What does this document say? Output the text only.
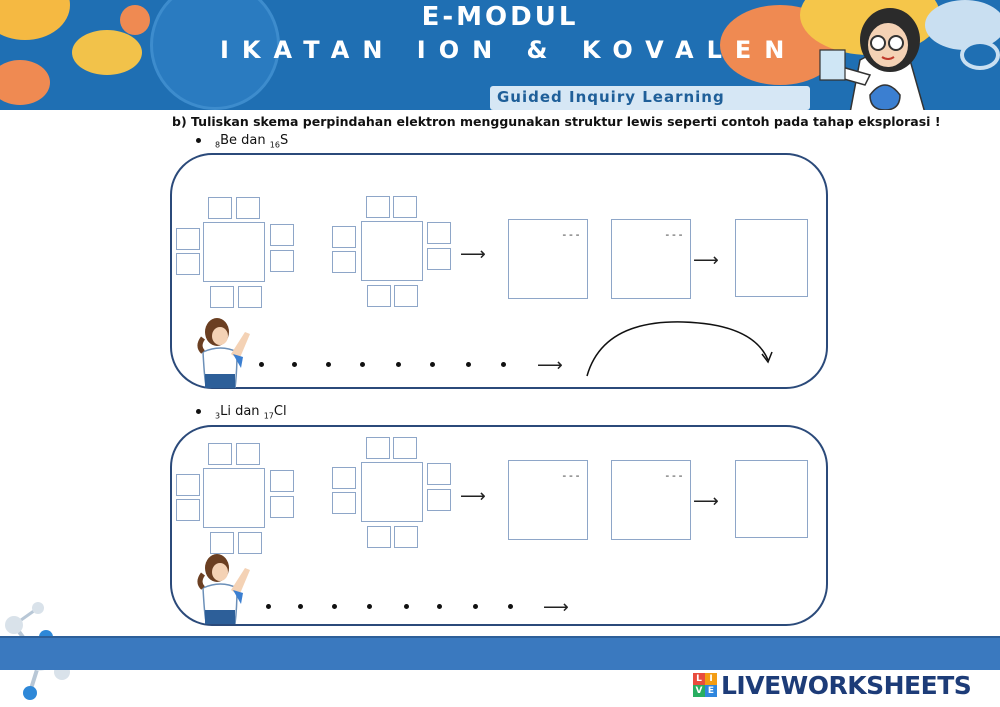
E-MODUL
IKATAN ION & KOVALEN
Guided Inquiry Learning
b) Tuliskan skema perpindahan elektron menggunakan struktur lewis seperti contoh pada tahap eksplorasi !
$_8$Be dan $_{16}$S
⟶
---	---
⟶
⟶
$_3$Li dan $_{17}$Cl
⟶
---	---
⟶
⟶
L I
V E LIVEWORKSHEETS
